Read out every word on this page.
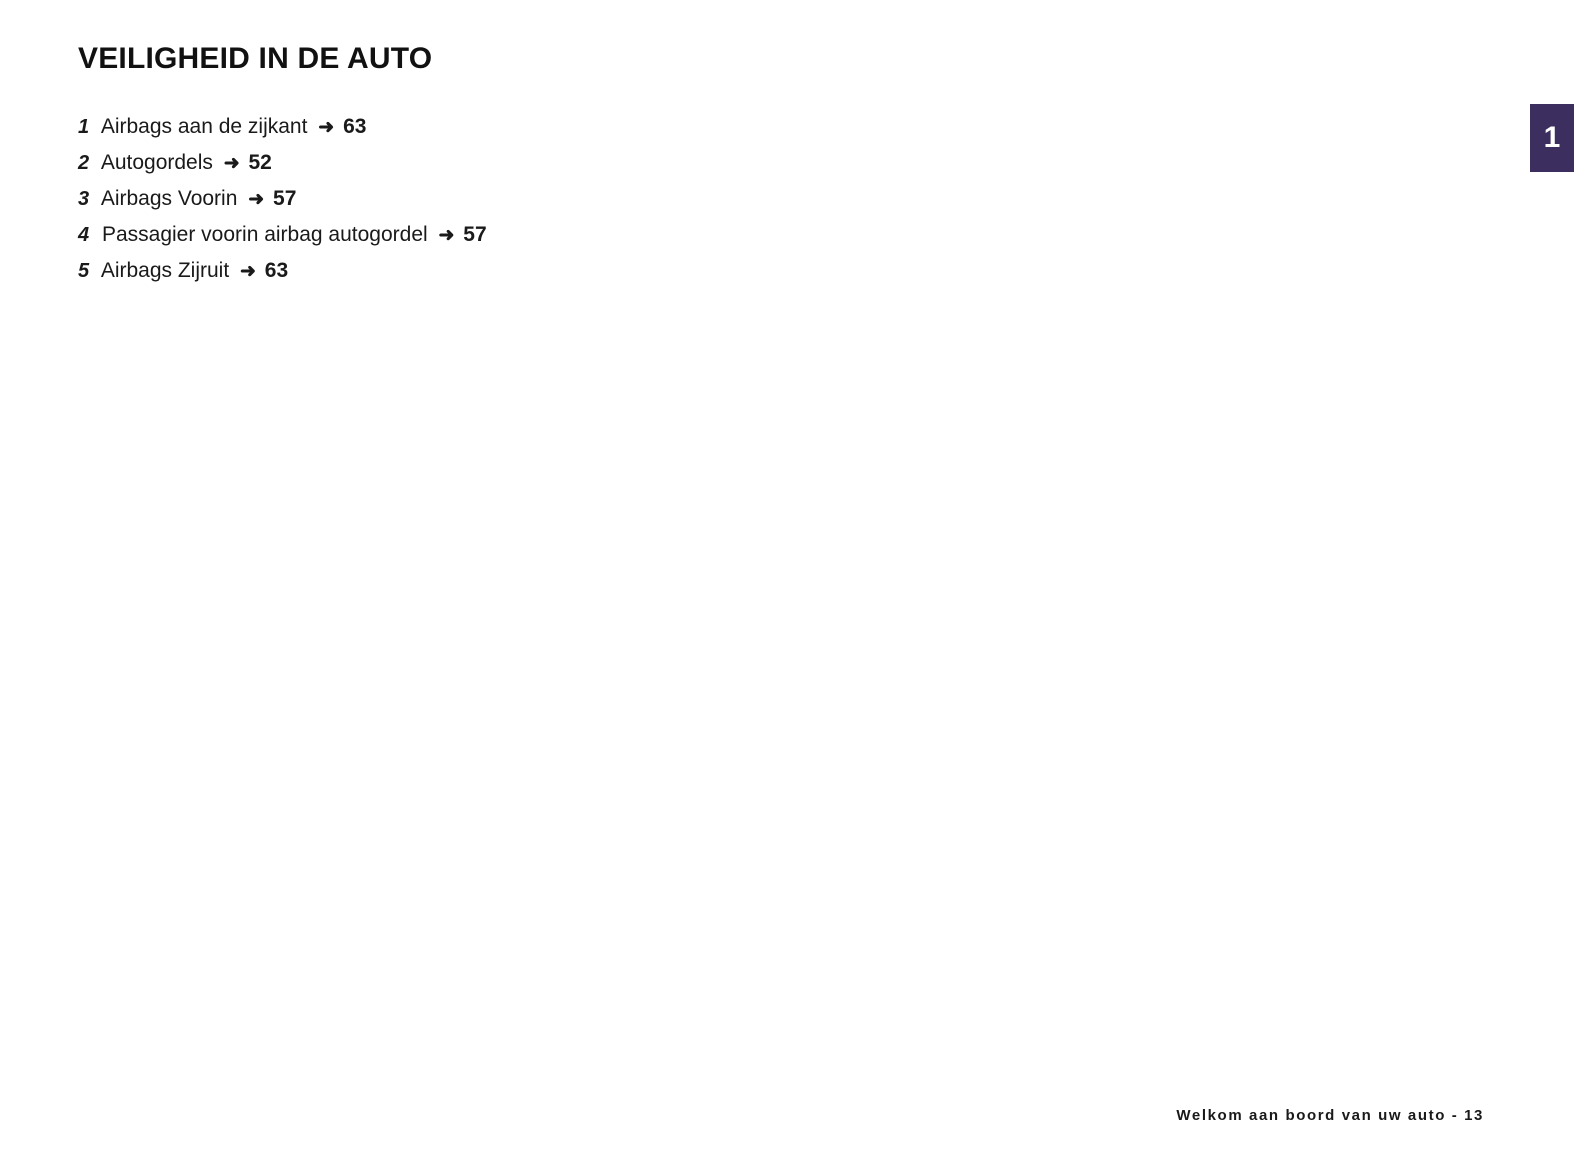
1
VEILIGHEID IN DE AUTO
1 Airbags aan de zijkant ➜ 63
2 Autogordels ➜ 52
3 Airbags Voorin ➜ 57
4 Passagier voorin airbag autogordel ➜ 57
5 Airbags Zijruit ➜ 63
Welkom aan boord van uw auto - 13
